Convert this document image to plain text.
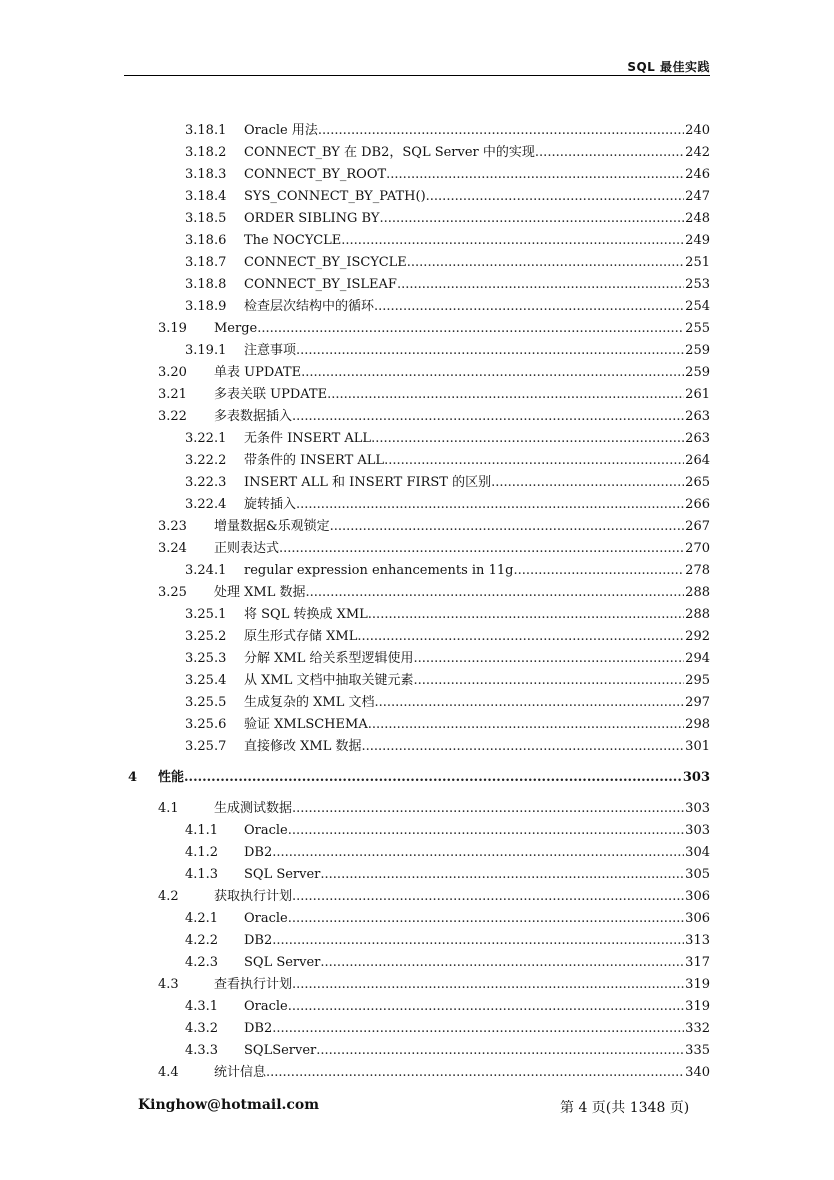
SQL 最佳实践
3.18.1 Oracle 用法 .....	240
3.18.2 CONNECT_BY 在 DB2，SQL Server 中的实现 .....	242
3.18.3 CONNECT_BY_ROOT .....	246
3.18.4 SYS_CONNECT_BY_PATH() .....	247
3.18.5 ORDER SIBLING BY .....	248
3.18.6 The NOCYCLE .....	249
3.18.7 CONNECT_BY_ISCYCLE .....	251
3.18.8 CONNECT_BY_ISLEAF .....	253
3.18.9 检查层次结构中的循环 .....	254
3.19 Merge .....	255
3.19.1 注意事项 .....	259
3.20 单表 UPDATE .....	259
3.21 多表关联 UPDATE .....	261
3.22 多表数据插入 .....	263
3.22.1 无条件 INSERT ALL .....	263
3.22.2 带条件的 INSERT ALL .....	264
3.22.3 INSERT ALL 和 INSERT FIRST 的区别 .....	265
3.22.4 旋转插入 .....	266
3.23 增量数据&乐观锁定 .....	267
3.24 正则表达式 .....	270
3.24.1 regular expression enhancements in 11g .....	278
3.25 处理 XML 数据 .....	288
3.25.1 将 SQL 转换成 XML .....	288
3.25.2 原生形式存储 XML .....	292
3.25.3 分解 XML 给关系型逻辑使用 .....	294
3.25.4 从 XML 文档中抽取关键元素 .....	295
3.25.5 生成复杂的 XML 文档 .....	297
3.25.6 验证 XMLSCHEMA .....	298
3.25.7 直接修改 XML 数据 .....	301
4 性能 .....	303
4.1	生成测试数据 .....	303
4.1.1 Oracle .....	303
4.1.2 DB2 .....	304
4.1.3 SQL Server .....	305
4.2	获取执行计划 .....	306
4.2.1 Oracle .....	306
4.2.2 DB2 .....	313
4.2.3 SQL Server .....	317
4.3	查看执行计划 .....	319
4.3.1 Oracle .....	319
4.3.2 DB2 .....	332
4.3.3 SQLServer .....	335
4.4	统计信息 .....	340
Kinghow@hotmail.com	第 4 页(共 1348 页)
